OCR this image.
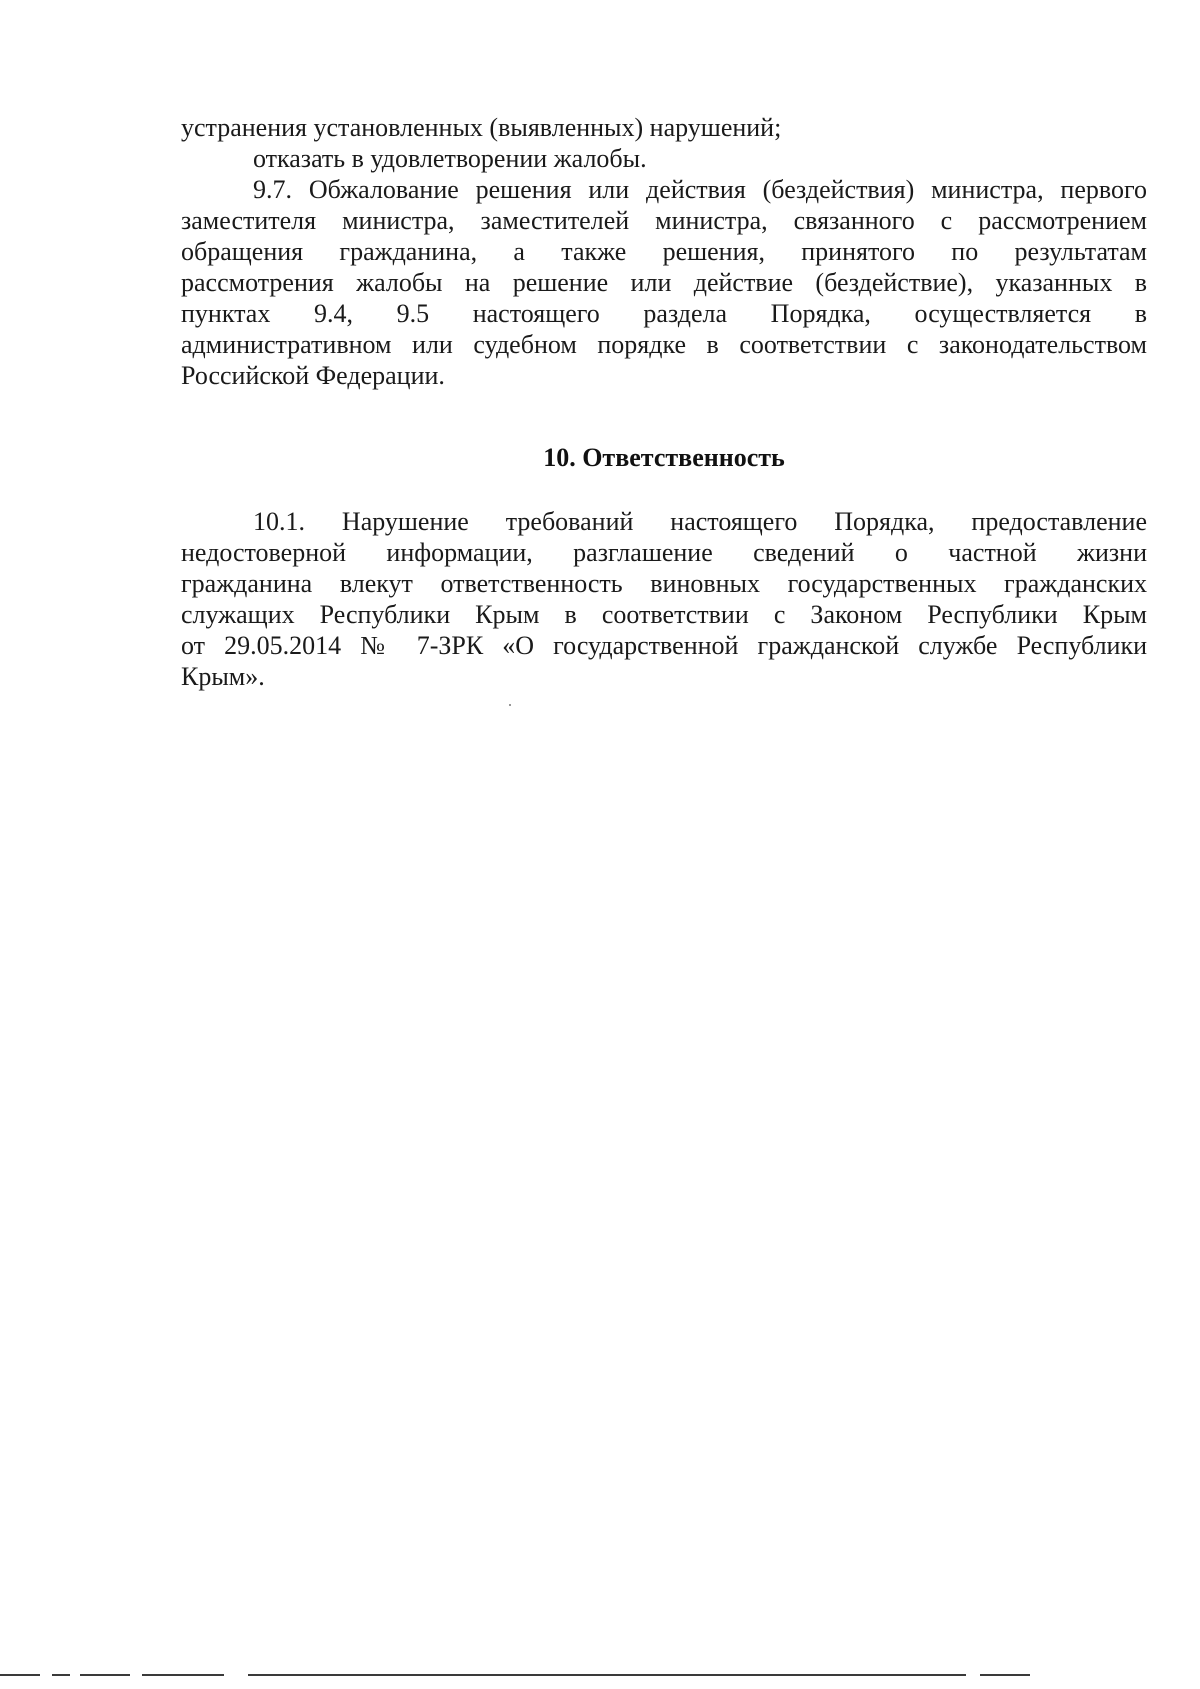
устранения установленных (выявленных) нарушений;
отказать в удовлетворении жалобы.
9.7. Обжалование решения или действия (бездействия) министра, первого
заместителя министра, заместителей министра, связанного с рассмотрением
обращения гражданина, а также решения, принятого по результатам
рассмотрения жалобы на решение или действие (бездействие), указанных в
пунктах 9.4, 9.5 настоящего раздела Порядка, осуществляется в
административном или судебном порядке в соответствии с законодательством
Российской Федерации.
10. Ответственность
10.1. Нарушение требований настоящего Порядка, предоставление
недостоверной информации, разглашение сведений о частной жизни
гражданина влекут ответственность виновных государственных гражданских
служащих Республики Крым в соответствии с Законом Республики Крым
от 29.05.2014 № 7-ЗРК «О государственной гражданской службе Республики
Крым».
